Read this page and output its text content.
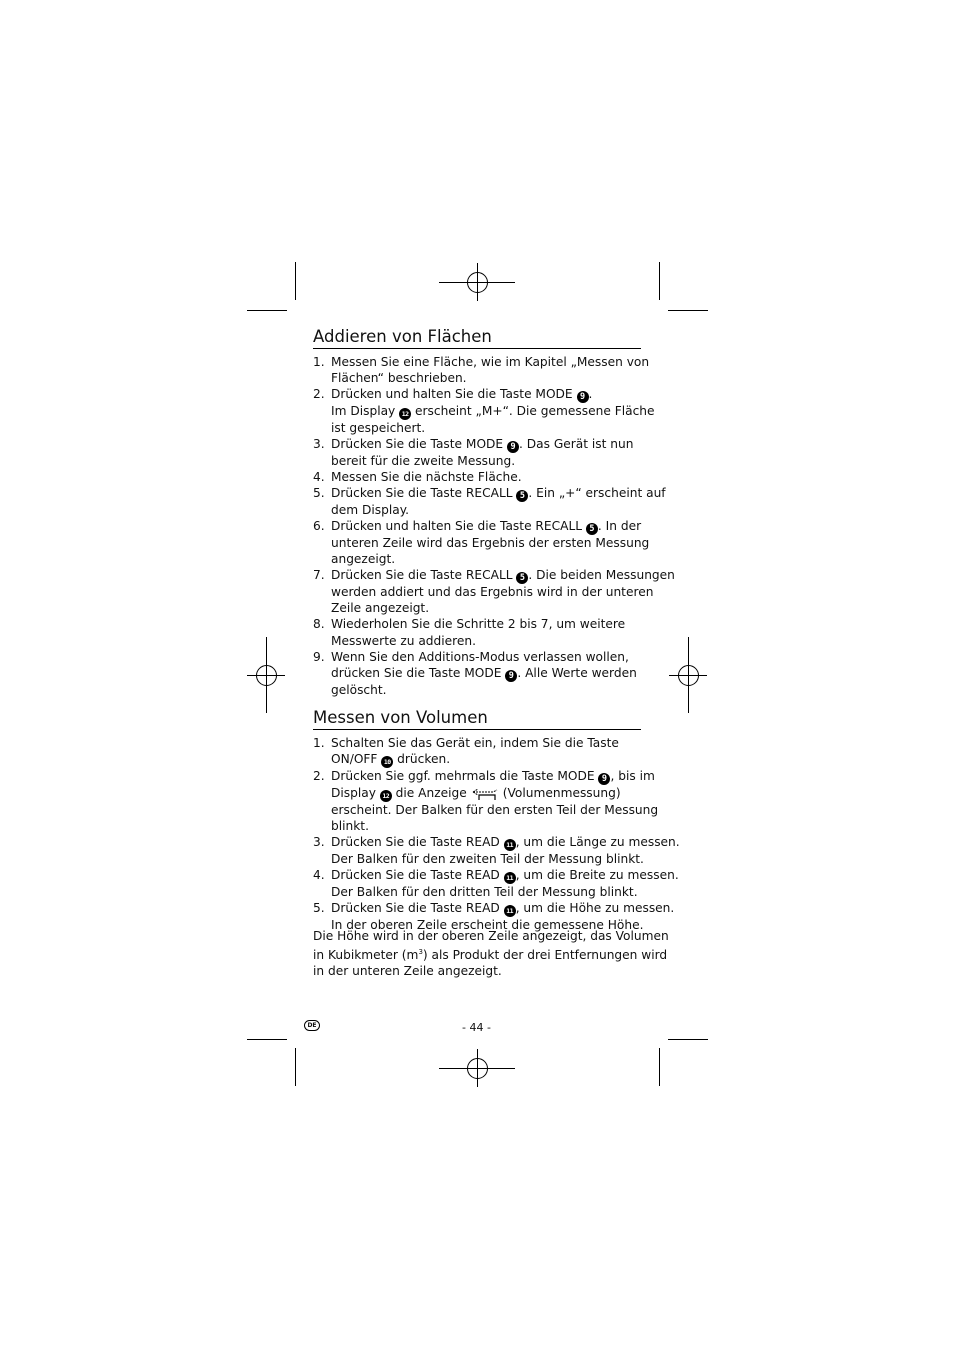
Addieren von Flächen
1. Messen Sie eine Fläche, wie im Kapitel „Messen von
Flächen“ beschrieben.
2. Drücken und halten Sie die Taste MODE 9 .
Im Display 12 erscheint „M+“. Die gemessene Fläche
ist gespeichert.
3. Drücken Sie die Taste MODE 9 . Das Gerät ist nun
bereit für die zweite Messung.
4. Messen Sie die nächste Fläche.
5. Drücken Sie die Taste RECALL 5 . Ein „+“ erscheint auf
dem Display.
6. Drücken und halten Sie die Taste RECALL 5 . In der
unteren Zeile wird das Ergebnis der ersten Messung
angezeigt.
7. Drücken Sie die Taste RECALL 5 . Die beiden Messungen
werden addiert und das Ergebnis wird in der unteren
Zeile angezeigt.
8. Wiederholen Sie die Schritte 2 bis 7, um weitere
Messwerte zu addieren.
9. Wenn Sie den Additions-Modus verlassen wollen,
drücken Sie die Taste MODE 9 . Alle Werte werden
gelöscht.
Messen von Volumen
1. Schalten Sie das Gerät ein, indem Sie die Taste
ON/OFF 10 drücken.
2. Drücken Sie ggf. mehrmals die Taste MODE 9 , bis im
Display 12 die Anzeige	(Volumenmessung)
erscheint. Der Balken für den ersten Teil der Messung
blinkt.
3. Drücken Sie die Taste READ 11 , um die Länge zu messen.
Der Balken für den zweiten Teil der Messung blinkt.
4. Drücken Sie die Taste READ 11 , um die Breite zu messen.
Der Balken für den dritten Teil der Messung blinkt.
5. Drücken Sie die Taste READ 11 , um die Höhe zu messen.
In der oberen Zeile erscheint die gemessene Höhe.
Die Höhe wird in der oberen Zeile angezeigt, das Volumen
in Kubikmeter $(m^3)$ als Produkt der drei Entfernungen wird
in der unteren Zeile angezeigt.
DE	- 44 -
